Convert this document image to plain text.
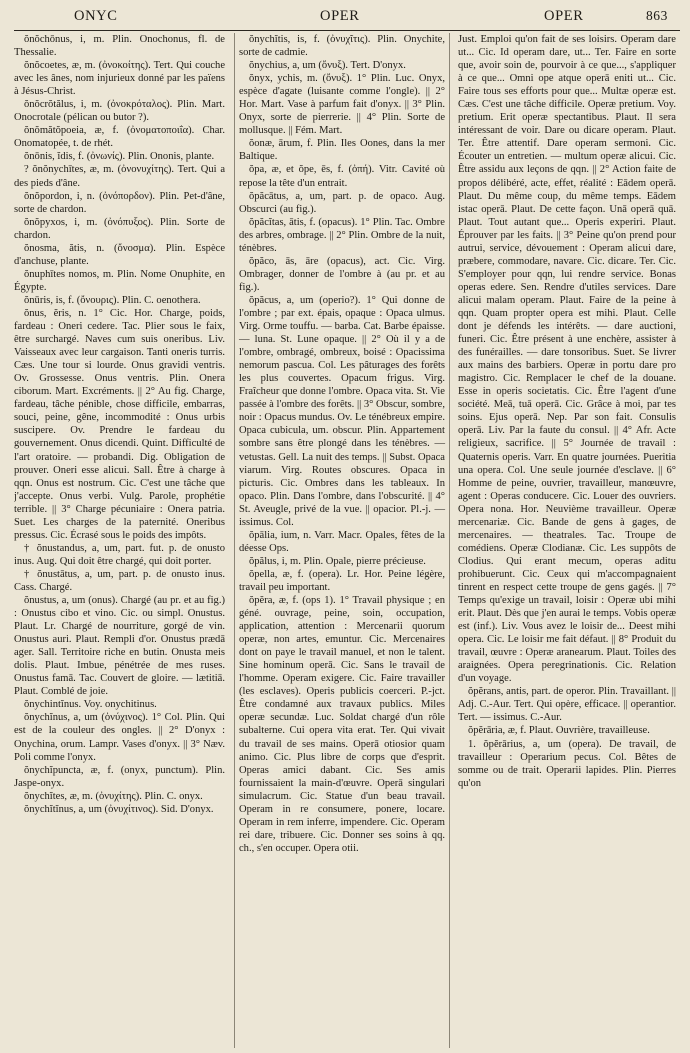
ONYC	OPER	OPER	863

ŏnŏchōnus, i, m. Plin. Onochonus, fl. de Thessalie.

ŏnŏcoetes, æ, m. (ὀνοκοίτης). Tert. Qui couche avec les ânes, nom injurieux donné par les païens à Jésus-Christ.

ŏnŏcrŏtălus, i, m. (ὀνοκρόταλος). Plin. Mart. Onocrotale (pélican ou butor ?).

ŏnŏmătŏpoeia, æ, f. (ὀνοματοποιΐα). Char. Onomatopée, t. de rhét.

ŏnōnis, ĭdis, f. (ὀνωνίς). Plin. Ononis, plante.

? ŏnŏnychītes, æ, m. (ὀνονυχίτης). Tert. Qui a des pieds d'âne.

ŏnŏpordon, i, n. (ὀνόπορδον). Plin. Pet-d'âne, sorte de chardon.

ŏnŏpyxos, i, m. (ὀνόπυξος). Plin. Sorte de chardon.

ŏnosma, ătis, n. (ὄνοσμα). Plin. Espèce d'anchuse, plante.

ŏnuphītes nomos, m. Plin. Nome Onuphite, en Égypte.

ŏnūris, is, f. (ὄνουρις). Plin. C. oenothera.

ŏnus, ĕris, n. 1° Cic. Hor. Charge, poids, fardeau : Oneri cedere. Tac. Plier sous le faix, être surchargé. Naves cum suis oneribus. Liv. Vaisseaux avec leur cargaison. Tanti oneris turris. Cæs. Une tour si lourde. Onus gravidi ventris. Ov. Grossesse. Onus ventris. Plin. Onera ciborum. Mart. Excréments. || 2° Au fig. Charge, fardeau, tâche pénible, chose difficile, embarras, souci, peine, gêne, incommodité : Onus urbis suscipere. Ov. Prendre le fardeau du gouvernement. Onus dicendi. Quint. Difficulté de l'art oratoire. — probandi. Dig. Obligation de prouver. Oneri esse alicui. Sall. Être à charge à qqn. Onus est nostrum. Cic. C'est une tâche que j'accepte. Onus verbi. Vulg. Parole, prophétie terrible. || 3° Charge pécuniaire : Onera patria. Suet. Les charges de la paternité. Oneribus pressus. Cic. Écrasé sous le poids des impôts.

† ŏnustandus, a, um, part. fut. p. de onusto inus. Aug. Qui doit être chargé, qui doit porter.

† ŏnustātus, a, um, part. p. de onusto inus. Cass. Chargé.

ŏnustus, a, um (onus). Chargé (au pr. et au fig.) : Onustus cibo et vino. Cic. ou simpl. Onustus. Plaut. Lr. Chargé de nourriture, gorgé de vin. Onustus auri. Plaut. Rempli d'or. Onustus prædā ager. Sall. Territoire riche en butin. Onusta meis dolis. Plaut. Imbue, pénétrée de mes ruses. Onustus famā. Tac. Couvert de gloire. — lætitiā. Plaut. Comblé de joie.

ŏnychintĭnus. Voy. onychitinus.

ŏnychĭnus, a, um (ὀνύχινος). 1° Col. Plin. Qui est de la couleur des ongles. || 2° D'onyx : Onychina, orum. Lampr. Vases d'onyx. || 3° Næv. Poli comme l'onyx.

ŏnychĭpuncta, æ, f. (onyx, punctum). Plin. Jaspe-onyx.

ŏnychĭtes, æ, m. (ὀνυχίτης). Plin. C. onyx.

ŏnychĭtĭnus, a, um (ὀνυχίτινος). Sid. D'onyx.

ŏnychĭtis, is, f. (ὀνυχῖτις). Plin. Onychite, sorte de cadmie.

ŏnychius, a, um (ὄνυξ). Tert. D'onyx.

ŏnyx, ychis, m. (ὄνυξ). 1° Plin. Luc. Onyx, espèce d'agate (luisante comme l'ongle). || 2° Hor. Mart. Vase à parfum fait d'onyx. || 3° Plin. Onyx, sorte de pierrerie. || 4° Plin. Sorte de mollusque. || Fém. Mart.

ŏonæ, ārum, f. Plin. Iles Oones, dans la mer Baltique.

ŏpa, æ, et ŏpe, ēs, f. (ὀπή). Vitr. Cavité où repose la tête d'un entrait.

ŏpăcātus, a, um, part. p. de opaco. Aug. Obscurci (au fig.).

ŏpăcĭtas, ātis, f. (opacus). 1° Plin. Tac. Ombre des arbres, ombrage. || 2° Plin. Ombre de la nuit, ténèbres.

ŏpăco, ās, āre (opacus), act. Cic. Virg. Ombrager, donner de l'ombre à (au pr. et au fig.).

ŏpăcus, a, um (operio?). 1° Qui donne de l'ombre ; par ext. épais, opaque : Opaca ulmus. Virg. Orme touffu. — barba. Cat. Barbe épaisse. — luna. St. Lune opaque. || 2° Où il y a de l'ombre, ombragé, ombreux, boisé : Opacissima nemorum pascua. Col. Les pâturages des forêts les plus couvertes. Opacum frigus. Virg. Fraîcheur que donne l'ombre. Opaca vita. St. Vie passée à l'ombre des forêts. || 3° Obscur, sombre, noir : Opacus mundus. Ov. Le ténébreux empire. Opaca cubicula, um. obscur. Plin. Appartement sombre sans être plongé dans les ténèbres. — vetustas. Gell. La nuit des temps. || Subst. Opaca viarum. Virg. Routes obscures. Opaca in picturis. Cic. Ombres dans les tableaux. In opaco. Plin. Dans l'ombre, dans l'obscurité. || 4° St. Aveugle, privé de la vue. || opacior. Pl.-j. — issimus. Col.

ŏpālia, ium, n. Varr. Macr. Opales, fêtes de la déesse Ops.

ŏpălus, i, m. Plin. Opale, pierre précieuse.

ŏpella, æ, f. (opera). Lr. Hor. Peine légère, travail peu important.

ŏpĕra, æ, f. (ops 1). 1° Travail physique ; en géné. ouvrage, peine, soin, occupation, application, attention : Mercenarii quorum operæ, non artes, emuntur. Cic. Mercenaires dont on paye le travail manuel, et non le talent. Sine hominum operā. Cic. Sans le travail de l'homme. Operam exigere. Cic. Faire travailler (les esclaves). Operis publicis coerceri. P.-jct. Être condamné aux travaux publics. Miles operæ secundæ. Luc. Soldat chargé d'un rôle subalterne. Cui opera vita erat. Ter. Qui vivait du travail de ses mains. Operā otiosior quam animo. Cic. Plus libre de corps que d'esprit. Operas amici dabant. Cic. Ses amis fournissaient la main-d'œuvre. Operā singulari simulacrum. Cic. Statue d'un beau travail. Operam in re consumere, ponere, locare. Operam in rem inferre, impendere. Cic. Operam rei dare, tribuere. Cic. Donner ses soins à qq. ch., s'en occuper. Opera otii.

Just. Emploi qu'on fait de ses loisirs. Operam dare ut... Cic. Id operam dare, ut... Ter. Faire en sorte que, avoir soin de, pourvoir à ce que..., s'appliquer à ce que... Omni ope atque operā eniti ut... Cic. Faire tous ses efforts pour que... Multæ operæ est. Cæs. C'est une tâche difficile. Operæ pretium. Voy. pretium. Erit operæ spectantibus. Plaut. Il sera intéressant de voir. Dare ou dicare operam. Plaut. Ter. Être attentif. Dare operam sermoni. Cic. Écouter un entretien. — multum operæ alicui. Cic. Être assidu aux leçons de qqn. || 2° Action faite de propos délibéré, acte, effet, réalité : Eādem operā. Plaut. Du même coup, du même temps. Eādem istac operā. Plaut. De cette façon. Unā operā quā. Plaut. Tout autant que... Operis experiri. Plaut. Éprouver par les faits. || 3° Peine qu'on prend pour autrui, service, dévouement : Operam alicui dare, præbere, commodare, navare. Cic. dicare. Ter. Cic. S'employer pour qqn, lui rendre service. Bonas operas edere. Sen. Rendre d'utiles services. Dare alicui malam operam. Plaut. Faire de la peine à qqn. Quam propter opera est mihi. Plaut. Celle dont je défends les intérêts. — dare auctioni, funeri. Cic. Être présent à une enchère, assister à des funérailles. — dare tonsoribus. Suet. Se livrer aux mains des barbiers. Operæ in portu dare pro magistro. Cic. Remplacer le chef de la douane. Esse in operis societatis. Cic. Être l'agent d'une société. Meā, tuā operā. Cic. Grâce à moi, par tes soins. Ejus operā. Nep. Par son fait. Consulis operā. Liv. Par la faute du consul. || 4° Afr. Acte religieux, sacrifice. || 5° Journée de travail : Quaternis operis. Varr. En quatre journées. Pueritia una opera. Col. Une seule journée d'esclave. || 6° Homme de peine, ouvrier, travailleur, manœuvre, agent : Operas conducere. Cic. Louer des ouvriers. Opera nona. Hor. Neuvième travailleur. Operæ mercenariæ. Cic. Bande de gens à gages, de mercenaires. — theatrales. Tac. Troupe de comédiens. Operæ Clodianæ. Cic. Les suppôts de Clodius. Qui erant mecum, operas aditu prohibuerunt. Cic. Ceux qui m'accompagnaient tinrent en respect cette troupe de gens gagés. || 7° Temps qu'exige un travail, loisir : Operæ ubi mihi erit. Plaut. Dès que j'en aurai le temps. Vobis operæ est (inf.). Liv. Vous avez le loisir de... Deest mihi opera. Cic. Le loisir me fait défaut. || 8° Produit du travail, œuvre : Operæ aranearum. Plaut. Toiles des araignées. Opera peregrinationis. Cic. Relation d'un voyage.

ŏpĕrans, antis, part. de operor. Plin. Travaillant. || Adj. C.-Aur. Tert. Qui opère, efficace. || operantior. Tert. — issimus. C.-Aur.

ŏpĕrāria, æ, f. Plaut. Ouvrière, travailleuse.

1. ŏpĕrārius, a, um (opera). De travail, de travailleur : Operarium pecus. Col. Bêtes de somme ou de trait. Operarii lapides. Plin. Pierres qu'on
